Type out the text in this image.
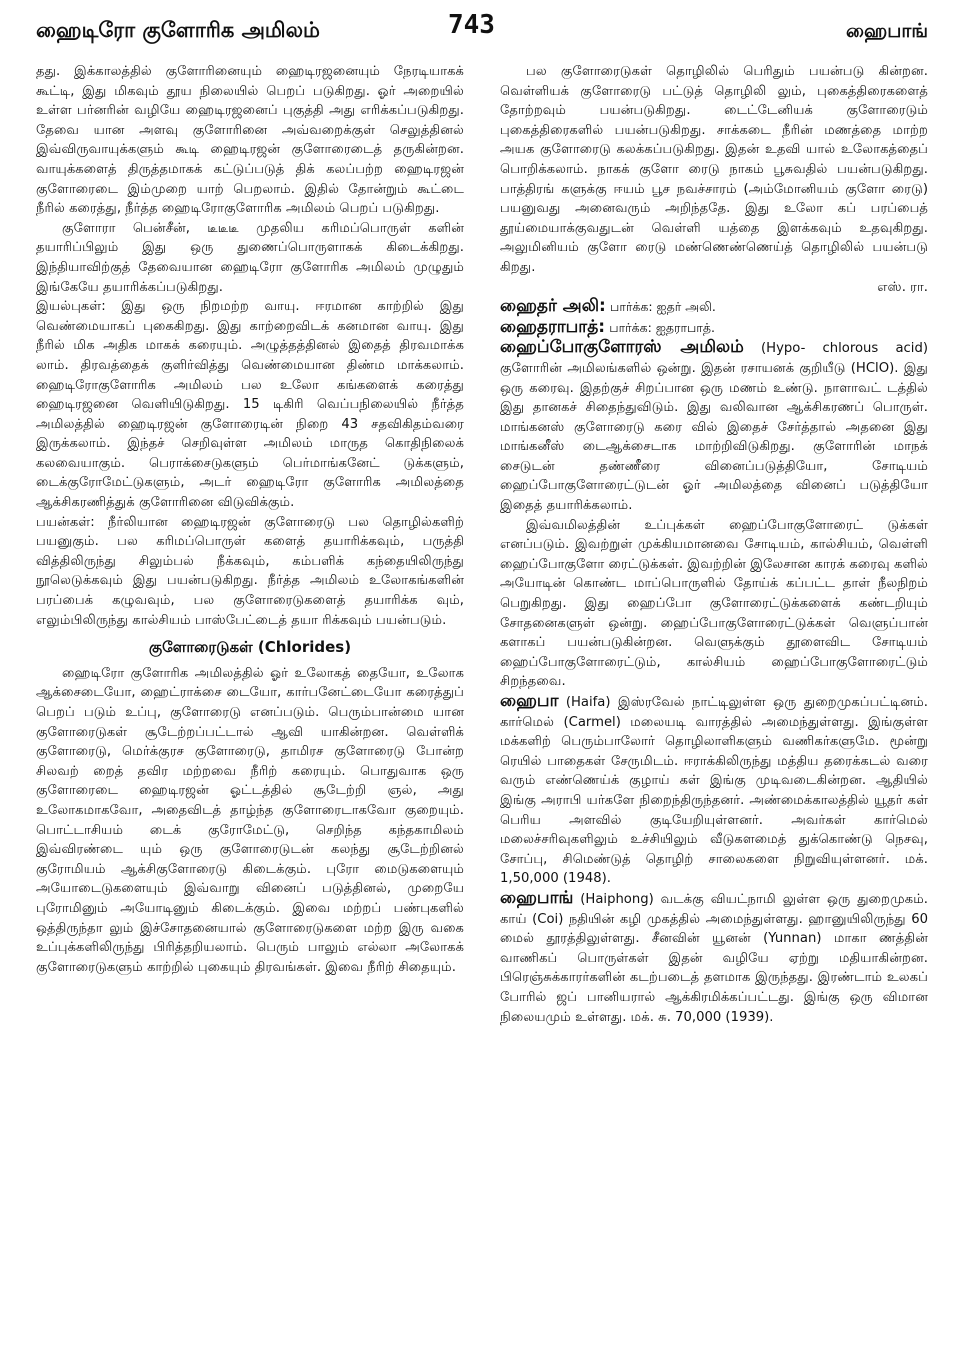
ஹைடிரோ குளோரிக அமிலம்	743	ஹைபாங்

தது. இக்காலத்தில் குளோரினையும் ஹைடிரஜனையும் நேரடியாகக் கூட்டி, இது மிகவும் தூய நிலையில் பெறப் படுகிறது. ஓர் அறையில் உள்ள பர்னரின் வழியே ஹைடிரஜனைப் புகுத்தி அது எரிக்கப்படுகிறது. தேவை யான அளவு குளோரினை அவ்வறைக்குள் செலுத்தினல் இவ்விருவாயுக்களும் கூடி ஹைடிரஜன் குளோரைடைத் தருகின்றன. வாயுக்களைத் திருத்தமாகக் கட்டுப்படுத் திக் கலப்பற்ற ஹைடிரஜன் குளோரைடை இம்முறை யாற் பெறலாம். இதில் தோன்றும் கூட்டை நீரில் கரைத்து, நீர்த்த ஹைடிரோகுளோரிக அமிலம் பெறப் படுகிறது.

குளோரா பென்சீன், டீடீடீ முதலிய கரிமப்பொருள் களின் தயாரிப்பிலும் இது ஒரு துணைப்பொருளாகக் கிடைக்கிறது. இந்தியாவிற்குத் தேவையான ஹைடிரோ குளோரிக அமிலம் முழுதும் இங்கேயே தயாரிக்கப்படுகிறது.

இயல்புகள்: இது ஒரு நிறமற்ற வாயு. ஈரமான காற்றில் இது வெண்மையாகப் புகைகிறது. இது காற்றைவிடக் கனமான வாயு. இது நீரில் மிக அதிக மாகக் கரையும். அழுத்தத்தினல் இதைத் திரவமாக்க லாம். திரவத்தைக் குளிர்வித்து வெண்மையான திண்ம மாக்கலாம். ஹைடிரோகுளோரிக அமிலம் பல உலோ கங்களைக் கரைத்து ஹைடிரஜனை வெளியிடுகிறது. 15 டிகிரி வெப்பநிலையில் நீர்த்த அமிலத்தில் ஹைடிரஜன் குளோரைடின் நிறை 43 சதவிகிதம்வரை இருக்கலாம். இந்தச் செறிவுள்ள அமிலம் மாருத கொதிநிலைக் கலவையாகும். பெராக்சைடுகளும் பெர்மாங்கனேட் டுக்களும், டைக்குரோமேட்டுகளும், அடர் ஹைடிரோ குளோரிக அமிலத்தை ஆக்சிகரணித்துக் குளோரினை விடுவிக்கும்.

பயன்கள்: நீர்லியான ஹைடிரஜன் குளோரைடு பல தொழில்களிற் பயனுகும். பல கரிமப்பொருள் களைத் தயாரிக்கவும், பருத்தி வித்திலிருந்து சிலும்பல் நீக்கவும், கம்பளிக் கந்தையிலிருந்து நூலெடுக்கவும் இது பயன்படுகிறது. நீர்த்த அமிலம் உலோகங்களின் பரப்பைக் கழுவவும், பல குளோரைடுகளைத் தயாரிக்க வும், எலும்பிலிருந்து கால்சியம் பாஸ்பேட்டைத் தயா ரிக்கவும் பயன்படும்.

குளோரைடுகள் (Chlorides)

ஹைடிரோ குளோரிக அமிலத்தில் ஓர் உலோகத் தையோ, உலோக ஆக்சைடையோ, ஹைட்ராக்சை டையோ, கார்பனேட்டையோ கரைத்துப் பெறப் படும் உப்பு, குளோரைடு எனப்படும். பெரும்பான்மை யான குளோரைடுகள் சூடேற்றப்பட்டால் ஆவி யாகின்றன. வெள்ளிக் குளோரைடு, மெர்க்குரச குளோரைடு, தாமிரச குளோரைடு போன்ற சிலவற் றைத் தவிர மற்றவை நீரிற் கரையும். பொதுவாக ஒரு குளோரைடை ஹைடிரஜன் ஓட்டத்தில் சூடேற்றி ஞல், அது உலோகமாகவோ, அதைவிடத் தாழ்ந்த குளோரைடாகவோ குறையும். பொட்டாசியம் டைக் குரோமேட்டு, செறிந்த கந்தகாமிலம் இவ்விரண்டை யும் ஒரு குளோரைடுடன் கலந்து சூடேற்றினல் குரோமியம் ஆக்சிகுளோரைடு கிடைக்கும். புரோ மைடுகளையும் அயோடைடுகளையும் இவ்வாறு வினைப் படுத்தினல், முறையே புரோமினும் அயோடினும் கிடைக்கும். இவை மற்றப் பண்புகளில் ஒத்திருந்தா லும் இச்சோதனையால் குளோரைடுகளை மற்ற இரு வகை உப்புக்களிலிருந்து பிரித்தறியலாம். பெரும் பாலும் எல்லா அலோகக் குளோரைடுகளும் காற்றில் புகையும் திரவங்கள். இவை நீரிற் சிதையும்.

பல குளோரைடுகள் தொழிலில் பெரிதும் பயன்படு கின்றன. வெள்ளியக் குளோரைடு பட்டுத் தொழிலி லும், புகைத்திரைகளைத் தோற்றவும் பயன்படுகிறது. டைட்டேனியக் குளோரைடும் புகைத்திரைகளில் பயன்படுகிறது. சாக்கடை நீரின் மணத்தை மாற்ற அயக குளோரைடு கலக்கப்படுகிறது. இதன் உதவி யால் உலோகத்தைப் பொறிக்கலாம். நாகக் குளோ ரைடு நாகம் பூசுவதில் பயன்படுகிறது. பாத்திரங் களுக்கு ஈயம் பூச நவச்சாரம் (அம்மோனியம் குளோ ரைடு) பயனுவது அனைவரும் அறிந்ததே. இது உலோ கப் பரப்பைத் தூய்மையாக்குவதுடன் வெள்ளி யத்தை இளக்கவும் உதவுகிறது. அலுமினியம் குளோ ரைடு மண்ணெண்ணெய்த் தொழிலில் பயன்படு கிறது.

எஸ். ரா.

ஹைதர் அலி: பார்க்க: ஐதர் அலி.

ஹைதராபாத்: பார்க்க: ஐதராபாத்.

ஹைப்போகுளோரஸ் அமிலம் (Hypo- chlorous acid) குளோரின் அமிலங்களில் ஒன்று. இதன் ரசாயனக் குறியீடு (HClO). இது ஒரு கரைவு. இதற்குச் சிறப்பான ஒரு மணம் உண்டு. நாளாவட் டத்தில் இது தானகச் சிதைந்துவிடும். இது வலிவான ஆக்சிகரணப் பொருள். மாங்கனஸ் குளோரைடு கரை வில் இதைச் சேர்த்தால் அதனை இது மாங்கனீஸ் டைஆக்சைடாக மாற்றிவிடுகிறது. குளோரின் மாநக் சைடுடன் தண்ணீரை வினைப்படுத்தியோ, சோடியம் ஹைப்போகுளோரைட்டுடன் ஓர் அமிலத்தை வினைப் படுத்தியோ இதைத் தயாரிக்கலாம்.

இவ்வமிலத்தின் உப்புக்கள் ஹைப்போகுளோரைட் டுக்கள் எனப்படும். இவற்றுள் முக்கியமானவை சோடியம், கால்சியம், வெள்ளி ஹைப்போகுளோ ரைட்டுக்கள். இவற்றின் இலேசான காரக் கரைவு களில் அயோடின் கொண்ட மாப்பொருளில் தோய்க் கப்பட்ட தாள் நீலநிறம் பெறுகிறது. இது ஹைப்போ குளோரைட்டுக்களைக் கண்டறியும் சோதனைகளுள் ஒன்று. ஹைப்போகுளோரைட்டுக்கள் வெளுப்பான் களாகப் பயன்படுகின்றன. வெளுக்கும் தூளைவிட சோடியம் ஹைப்போகுளோரைட்டும், கால்சியம் ஹைப்போகுளோரைட்டும் சிறந்தவை.

ஹைபா (Haifa) இஸ்ரவேல் நாட்டிலுள்ள ஒரு துறைமுகப்பட்டினம். கார்மெல் (Carmel) மலையடி வாரத்தில் அமைந்துள்ளது. இங்குள்ள மக்களிற் பெரும்பாலோர் தொழிலாளிகளும் வணிகர்களுமே. மூன்று ரெயில் பாதைகள் சேருமிடம். ஈராக்கிலிருந்து மத்திய தரைக்கடல் வரை வரும் எண்ணெய்க் குழாய் கள் இங்கு முடிவடைகின்றன. ஆதியில் இங்கு அராபி யர்களே நிறைந்திருந்தனர். அண்மைக்காலத்தில் யூதர் கள் பெரிய அளவில் குடியேறியுள்ளனர். அவர்கள் கார்மெல் மலைச்சரிவுகளிலும் உச்சியிலும் வீடுகளமைத் துக்கொண்டு நெசவு, சோப்பு, சிமெண்டுத் தொழிற் சாலைகளை நிறுவியுள்ளனர். மக். 1,50,000 (1948).

ஹைபாங் (Haiphong) வடக்கு வியட்நாமி லுள்ள ஒரு துறைமுகம். காய் (Coi) நதியின் கழி முகத்தில் அமைந்துள்ளது. ஹானுயிலிருந்து 60 மைல் தூரத்திலுள்ளது. சீனவின் யூனன் (Yunnan) மாகா ணத்தின் வாணிகப் பொருள்கள் இதன் வழியே ஏற்று மதியாகின்றன. பிரெஞ்சுக்காரர்களின் கடற்படைத் தளமாக இருந்தது. இரண்டாம் உலகப் போரில் ஜப் பானியரால் ஆக்கிரமிக்கப்பட்டது. இங்கு ஒரு விமான நிலையமும் உள்ளது. மக். சு. 70,000 (1939).
